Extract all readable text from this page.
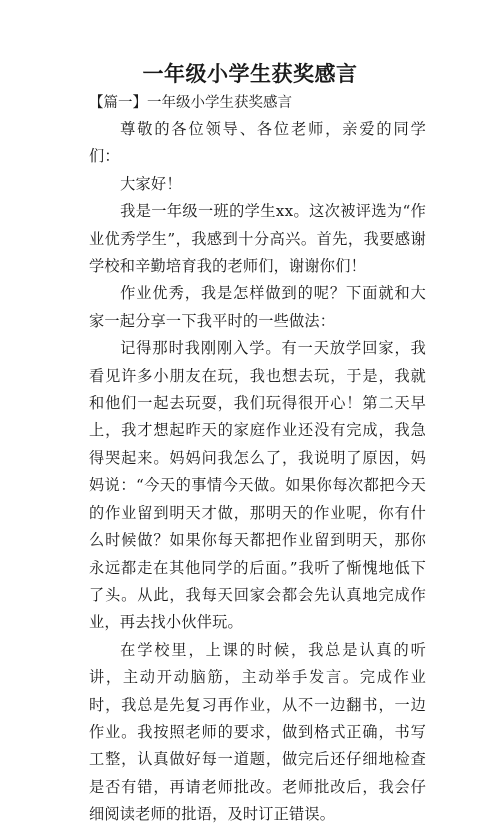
一年级小学生获奖感言
【篇一】一年级小学生获奖感言

尊敬的各位领导、各位老师，亲爱的同学们：

大家好！

我是一年级一班的学生xx。这次被评选为“作业优秀学生”，我感到十分高兴。首先，我要感谢学校和辛勤培育我的老师们，谢谢你们！

作业优秀，我是怎样做到的呢？下面就和大家一起分享一下我平时的一些做法：

记得那时我刚刚入学。有一天放学回家，我看见许多小朋友在玩，我也想去玩，于是，我就和他们一起去玩耍，我们玩得很开心！第二天早上，我才想起昨天的家庭作业还没有完成，我急得哭起来。妈妈问我怎么了，我说明了原因，妈妈说：“今天的事情今天做。如果你每次都把今天的作业留到明天才做，那明天的作业呢，你有什么时候做？如果你每天都把作业留到明天，那你永远都走在其他同学的后面。”我听了惭愧地低下了头。从此，我每天回家会都会先认真地完成作业，再去找小伙伴玩。

在学校里，上课的时候，我总是认真的听讲，主动开动脑筋，主动举手发言。完成作业时，我总是先复习再作业，从不一边翻书，一边作业。我按照老师的要求，做到格式正确，书写工整，认真做好每一道题，做完后还仔细地检查是否有错，再请老师批改。老师批改后，我会仔细阅读老师的批语，及时订正错误。
